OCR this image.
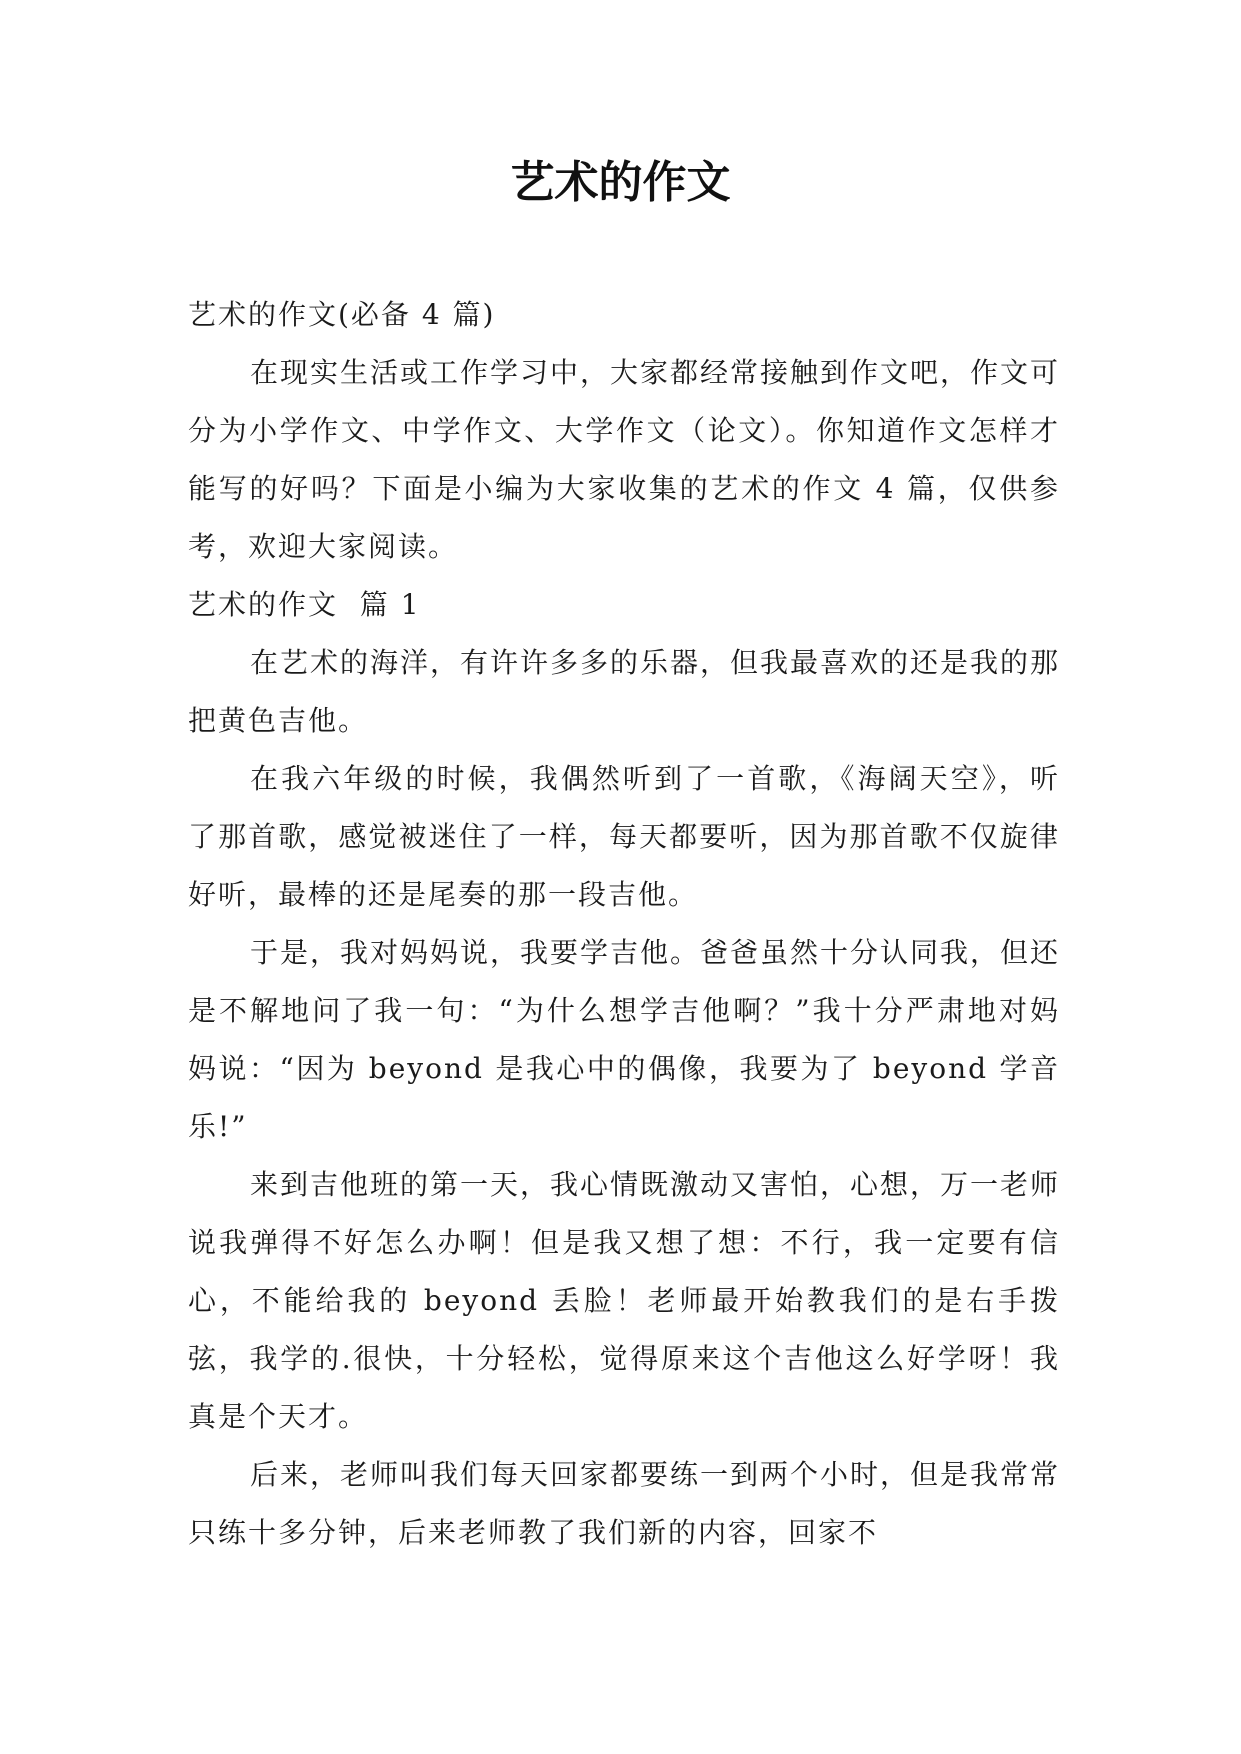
艺术的作文

艺术的作文(必备 4 篇)

在现实生活或工作学习中，大家都经常接触到作文吧，作文可分为小学作文、中学作文、大学作文（论文）。你知道作文怎样才能写的好吗？下面是小编为大家收集的艺术的作文 4 篇，仅供参考，欢迎大家阅读。

艺术的作文  篇 1

在艺术的海洋，有许许多多的乐器，但我最喜欢的还是我的那把黄色吉他。

在我六年级的时候，我偶然听到了一首歌，《海阔天空》，听了那首歌，感觉被迷住了一样，每天都要听，因为那首歌不仅旋律好听，最棒的还是尾奏的那一段吉他。

于是，我对妈妈说，我要学吉他。爸爸虽然十分认同我，但还是不解地问了我一句：“为什么想学吉他啊？”我十分严肃地对妈妈说：“因为 beyond 是我心中的偶像，我要为了 beyond 学音乐!”

来到吉他班的第一天，我心情既激动又害怕，心想，万一老师说我弹得不好怎么办啊！但是我又想了想：不行，我一定要有信心，不能给我的 beyond 丢脸！老师最开始教我们的是右手拨弦，我学的.很快，十分轻松，觉得原来这个吉他这么好学呀！我真是个天才。

后来，老师叫我们每天回家都要练一到两个小时，但是我常常只练十多分钟，后来老师教了我们新的内容，回家不
